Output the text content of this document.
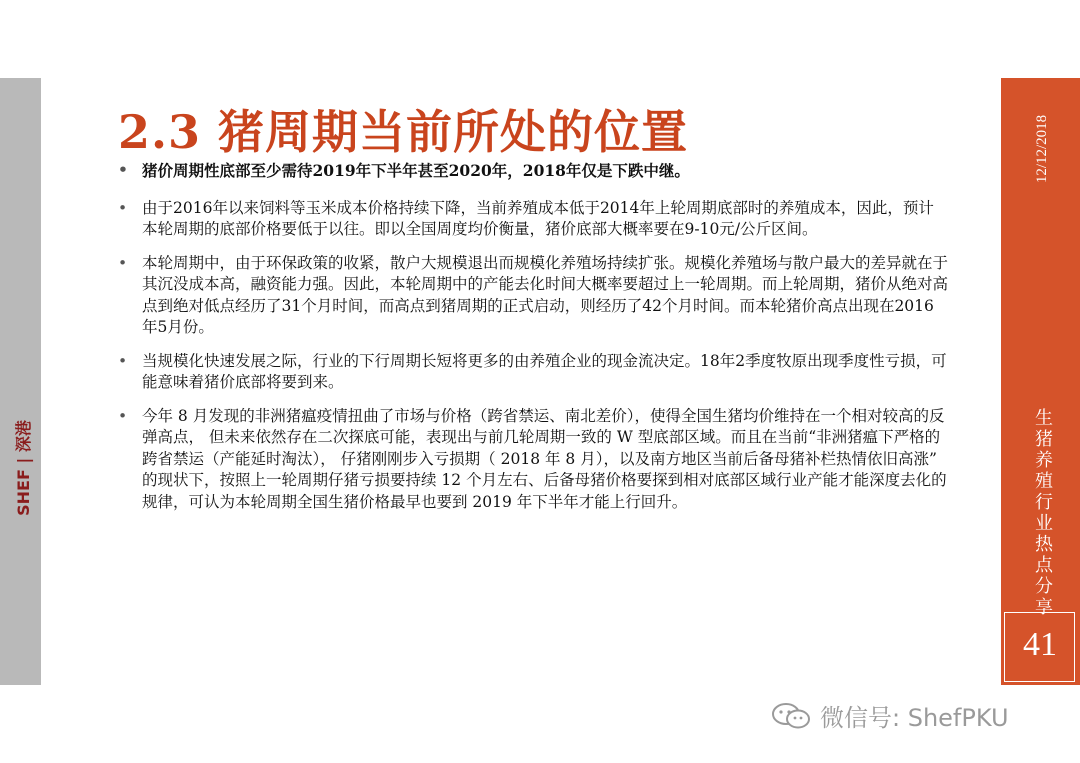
SHEF | 深港
12/12/2018
生猪养殖行业热点分享
41
2.3 猪周期当前所处的位置
• 猪价周期性底部至少需待2019年下半年甚至2020年，2018年仅是下跌中继。
• 由于2016年以来饲料等玉米成本价格持续下降，当前养殖成本低于2014年上轮周期底部时的养殖成本，因此，预计本轮周期的底部价格要低于以往。即以全国周度均价衡量，猪价底部大概率要在9-10元/公斤区间。
• 本轮周期中，由于环保政策的收紧，散户大规模退出而规模化养殖场持续扩张。规模化养殖场与散户最大的差异就在于其沉没成本高，融资能力强。因此，本轮周期中的产能去化时间大概率要超过上一轮周期。而上轮周期，猪价从绝对高点到绝对低点经历了31个月时间，而高点到猪周期的正式启动，则经历了42个月时间。而本轮猪价高点出现在2016年5月份。
• 当规模化快速发展之际，行业的下行周期长短将更多的由养殖企业的现金流决定。18年2季度牧原出现季度性亏损，可能意味着猪价底部将要到来。
• 今年 8 月发现的非洲猪瘟疫情扭曲了市场与价格（跨省禁运、南北差价），使得全国生猪均价维持在一个相对较高的反弹高点， 但未来依然存在二次探底可能，表现出与前几轮周期一致的 W 型底部区域。而且在当前“非洲猪瘟下严格的跨省禁运（产能延时淘汰）， 仔猪刚刚步入亏损期（ 2018 年 8 月），以及南方地区当前后备母猪补栏热情依旧高涨” 的现状下，按照上一轮周期仔猪亏损要持续 12 个月左右、后备母猪价格要探到相对底部区域行业产能才能深度去化的规律，可认为本轮周期全国生猪价格最早也要到 2019 年下半年才能上行回升。
微信号: ShefPKU
